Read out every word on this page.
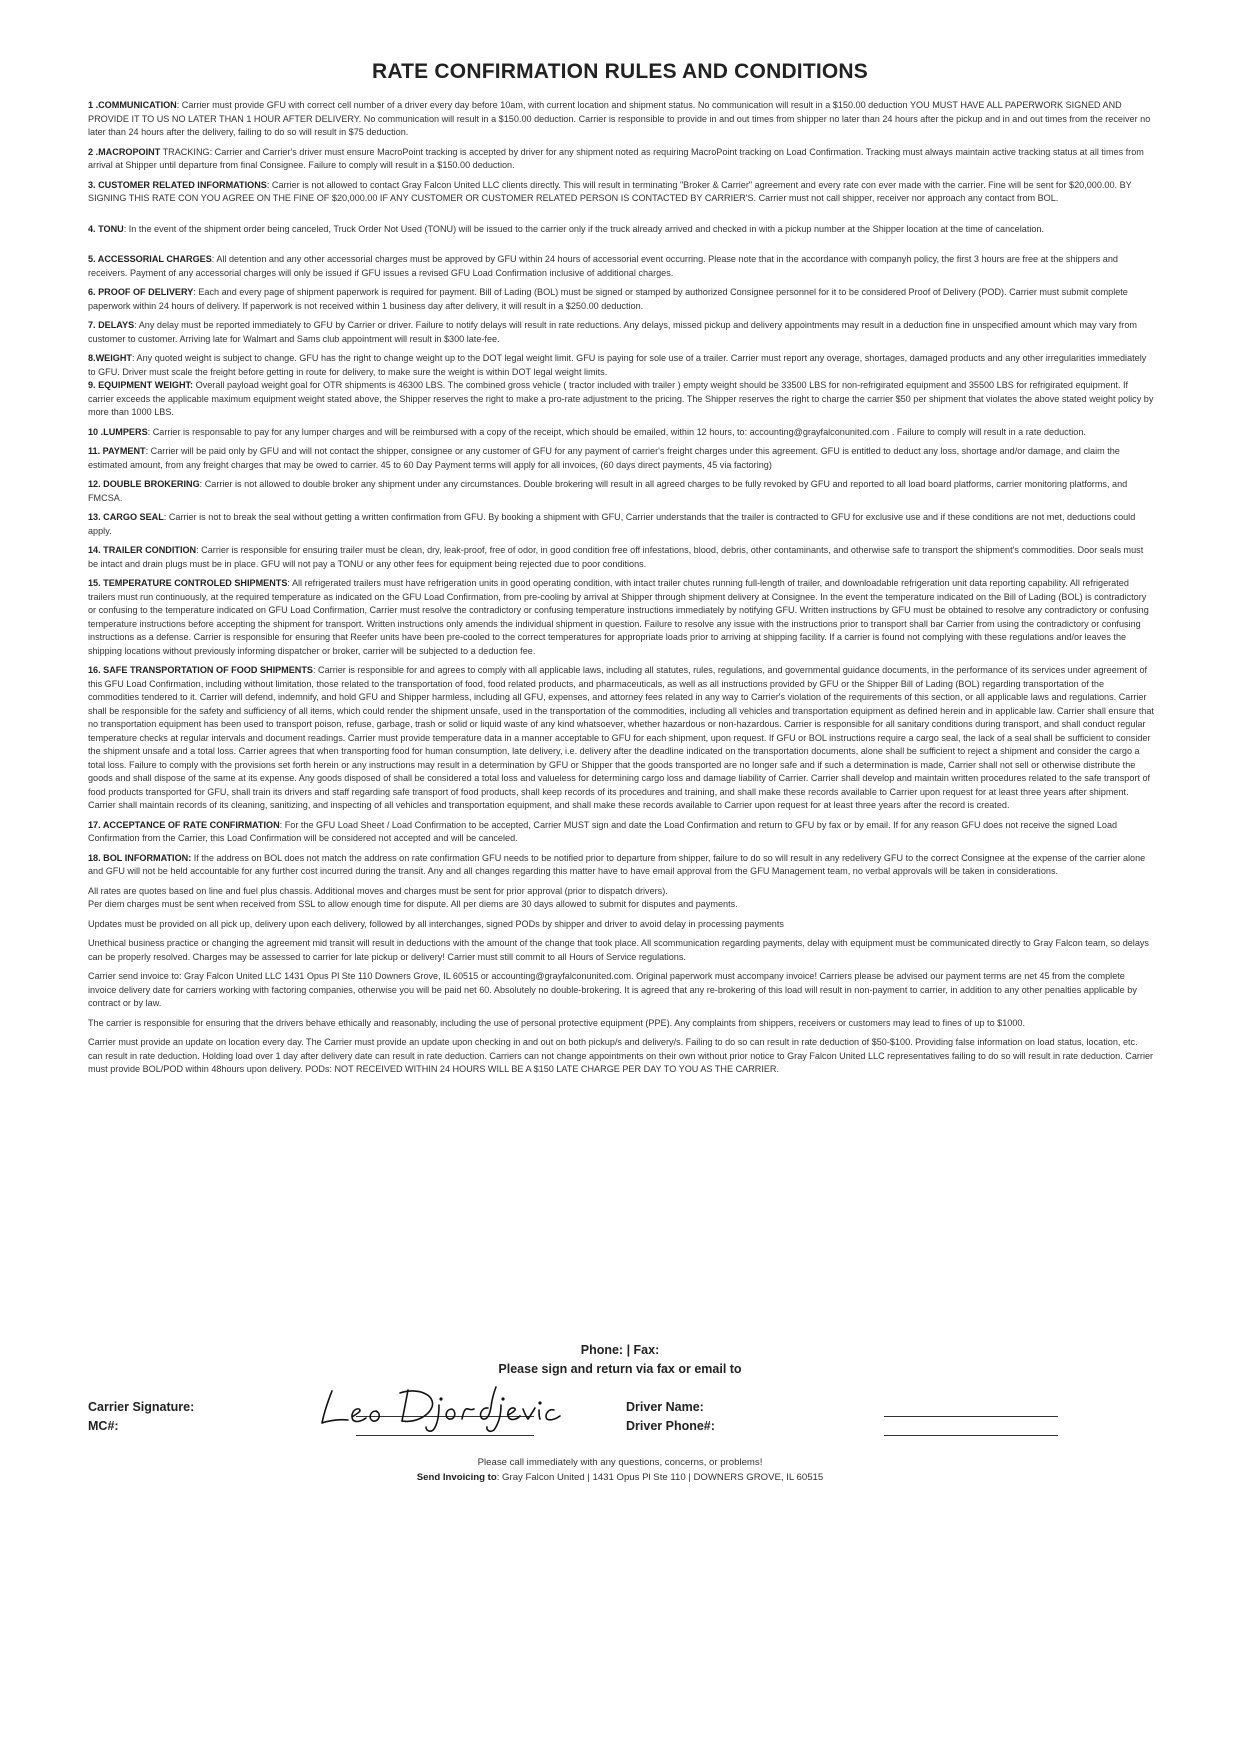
RATE CONFIRMATION RULES AND CONDITIONS

1 .COMMUNICATION: Carrier must provide GFU with correct cell number of a driver every day before 10am, with current location and shipment status. No communication will result in a $150.00 deduction YOU MUST HAVE ALL PAPERWORK SIGNED AND PROVIDE IT TO US NO LATER THAN 1 HOUR AFTER DELIVERY. No communication will result in a $150.00 deduction. Carrier is responsible to provide in and out times from shipper no later than 24 hours after the pickup and in and out times from the receiver no later than 24 hours after the delivery, failing to do so will result in $75 deduction.

2 .MACROPOINT TRACKING: Carrier and Carrier's driver must ensure MacroPoint tracking is accepted by driver for any shipment noted as requiring MacroPoint tracking on Load Confirmation. Tracking must always maintain active tracking status at all times from arrival at Shipper until departure from final Consignee. Failure to comply will result in a $150.00 deduction.

3. CUSTOMER RELATED INFORMATIONS: Carrier is not allowed to contact Gray Falcon United LLC clients directly. This will result in terminating "Broker & Carrier" agreement and every rate con ever made with the carrier. Fine will be sent for $20,000.00. BY SIGNING THIS RATE CON YOU AGREE ON THE FINE OF $20,000.00 IF ANY CUSTOMER OR CUSTOMER RELATED PERSON IS CONTACTED BY CARRIER'S. Carrier must not call shipper, receiver nor approach any contact from BOL.

4. TONU: In the event of the shipment order being canceled, Truck Order Not Used (TONU) will be issued to the carrier only if the truck already arrived and checked in with a pickup number at the Shipper location at the time of cancelation.

5. ACCESSORIAL CHARGES: All detention and any other accessorial charges must be approved by GFU within 24 hours of accessorial event occurring. Please note that in the accordance with companyh policy, the first 3 hours are free at the shippers and receivers. Payment of any accessorial charges will only be issued if GFU issues a revised GFU Load Confirmation inclusive of additional charges.

6. PROOF OF DELIVERY: Each and every page of shipment paperwork is required for payment. Bill of Lading (BOL) must be signed or stamped by authorized Consignee personnel for it to be considered Proof of Delivery (POD). Carrier must submit complete paperwork within 24 hours of delivery. If paperwork is not received within 1 business day after delivery, it will result in a $250.00 deduction.

7. DELAYS: Any delay must be reported immediately to GFU by Carrier or driver. Failure to notify delays will result in rate reductions. Any delays, missed pickup and delivery appointments may result in a deduction fine in unspecified amount which may vary from customer to customer. Arriving late for Walmart and Sams club appointment will result in $300 late-fee.

8.WEIGHT: Any quoted weight is subject to change. GFU has the right to change weight up to the DOT legal weight limit. GFU is paying for sole use of a trailer. Carrier must report any overage, shortages, damaged products and any other irregularities immediately to GFU. Driver must scale the freight before getting in route for delivery, to make sure the weight is within DOT legal weight limits.

9. EQUIPMENT WEIGHT: Overall payload weight goal for OTR shipments is 46300 LBS. The combined gross vehicle ( tractor included with trailer ) empty weight should be 33500 LBS for non-refrigirated equipment and 35500 LBS for refrigirated equipment. If carrier exceeds the applicable maximum equipment weight stated above, the Shipper reserves the right to make a pro-rate adjustment to the pricing. The Shipper reserves the right to charge the carrier $50 per shipment that violates the above stated weight policy by more than 1000 LBS.

10 .LUMPERS: Carrier is responsable to pay for any lumper charges and will be reimbursed with a copy of the receipt, which should be emailed, within 12 hours, to: accounting@grayfalconunited.com . Failure to comply will result in a rate deduction.

11. PAYMENT: Carrier will be paid only by GFU and will not contact the shipper, consignee or any customer of GFU for any payment of carrier's freight charges under this agreement. GFU is entitled to deduct any loss, shortage and/or damage, and claim the estimated amount, from any freight charges that may be owed to carrier. 45 to 60 Day Payment terms will apply for all invoices, (60 days direct payments, 45 via factoring)

12. DOUBLE BROKERING: Carrier is not allowed to double broker any shipment under any circumstances. Double brokering will result in all agreed charges to be fully revoked by GFU and reported to all load board platforms, carrier monitoring platforms, and FMCSA.

13. CARGO SEAL: Carrier is not to break the seal without getting a written confirmation from GFU. By booking a shipment with GFU, Carrier understands that the trailer is contracted to GFU for exclusive use and if these conditions are not met, deductions could apply.

14. TRAILER CONDITION: Carrier is responsible for ensuring trailer must be clean, dry, leak-proof, free of odor, in good condition free off infestations, blood, debris, other contaminants, and otherwise safe to transport the shipment's commodities. Door seals must be intact and drain plugs must be in place. GFU will not pay a TONU or any other fees for equipment being rejected due to poor conditions.

15. TEMPERATURE CONTROLED SHIPMENTS: All refrigerated trailers must have refrigeration units in good operating condition, with intact trailer chutes running full-length of trailer, and downloadable refrigeration unit data reporting capability. All refrigerated trailers must run continuously, at the required temperature as indicated on the GFU Load Confirmation, from pre-cooling by arrival at Shipper through shipment delivery at Consignee. In the event the temperature indicated on the Bill of Lading (BOL) is contradictory or confusing to the temperature indicated on GFU Load Confirmation, Carrier must resolve the contradictory or confusing temperature instructions immediately by notifying GFU. Written instructions by GFU must be obtained to resolve any contradictory or confusing temperature instructions before accepting the shipment for transport. Written instructions only amends the individual shipment in question. Failure to resolve any issue with the instructions prior to transport shall bar Carrier from using the contradictory or confusing instructions as a defense. Carrier is responsible for ensuring that Reefer units have been pre-cooled to the correct temperatures for appropriate loads prior to arriving at shipping facility. If a carrier is found not complying with these regulations and/or leaves the shipping locations without previously informing dispatcher or broker, carrier will be subjected to a deduction fee.

16. SAFE TRANSPORTATION OF FOOD SHIPMENTS: Carrier is responsible for and agrees to comply with all applicable laws, including all statutes, rules, regulations, and governmental guidance documents, in the performance of its services under agreement of this GFU Load Confirmation, including without limitation, those related to the transportation of food, food related products, and pharmaceuticals, as well as all instructions provided by GFU or the Shipper Bill of Lading (BOL) regarding transportation of the commodities tendered to it. Carrier will defend, indemnify, and hold GFU and Shipper harmless, including all GFU, expenses, and attorney fees related in any way to Carrier's violation of the requirements of this section, or all applicable laws and regulations. Carrier shall be responsible for the safety and sufficiency of all items, which could render the shipment unsafe, used in the transportation of the commodities, including all vehicles and transportation equipment as defined herein and in applicable law. Carrier shall ensure that no transportation equipment has been used to transport poison, refuse, garbage, trash or solid or liquid waste of any kind whatsoever, whether hazardous or non-hazardous. Carrier is responsible for all sanitary conditions during transport, and shall conduct regular temperature checks at regular intervals and document readings. Carrier must provide temperature data in a manner acceptable to GFU for each shipment, upon request. If GFU or BOL instructions require a cargo seal, the lack of a seal shall be sufficient to consider the shipment unsafe and a total loss. Carrier agrees that when transporting food for human consumption, late delivery, i.e. delivery after the deadline indicated on the transportation documents, alone shall be sufficient to reject a shipment and consider the cargo a total loss. Failure to comply with the provisions set forth herein or any instructions may result in a determination by GFU or Shipper that the goods transported are no longer safe and if such a determination is made, Carrier shall not sell or otherwise distribute the goods and shall dispose of the same at its expense. Any goods disposed of shall be considered a total loss and valueless for determining cargo loss and damage liability of Carrier. Carrier shall develop and maintain written procedures related to the safe transport of food products transported for GFU, shall train its drivers and staff regarding safe transport of food products, shall keep records of its procedures and training, and shall make these records available to Carrier upon request for at least three years after shipment. Carrier shall maintain records of its cleaning, sanitizing, and inspecting of all vehicles and transportation equipment, and shall make these records available to Carrier upon request for at least three years after the record is created.

17. ACCEPTANCE OF RATE CONFIRMATION: For the GFU Load Sheet / Load Confirmation to be accepted, Carrier MUST sign and date the Load Confirmation and return to GFU by fax or by email. If for any reason GFU does not receive the signed Load Confirmation from the Carrier, this Load Confirmation will be considered not accepted and will be canceled.

18. BOL INFORMATION: If the address on BOL does not match the address on rate confirmation GFU needs to be notified prior to departure from shipper, failure to do so will result in any redelivery GFU to the correct Consignee at the expense of the carrier alone and GFU will not be held accountable for any further cost incurred during the transit. Any and all changes regarding this matter have to have email approval from the GFU Management team, no verbal approvals will be taken in considerations.

All rates are quotes based on line and fuel plus chassis. Additional moves and charges must be sent for prior approval (prior to dispatch drivers).

Per diem charges must be sent when received from SSL to allow enough time for dispute. All per diems are 30 days allowed to submit for disputes and payments.

Updates must be provided on all pick up, delivery upon each delivery, followed by all interchanges, signed PODs by shipper and driver to avoid delay in processing payments

Unethical business practice or changing the agreement mid transit will result in deductions with the amount of the change that took place. All scommunication regarding payments, delay with equipment must be communicated directly to Gray Falcon team, so delays can be properly resolved. Charges may be assessed to carrier for late pickup or delivery! Carrier must still commit to all Hours of Service regulations.

Carrier send invoice to: Gray Falcon United LLC 1431 Opus Pl Ste 110 Downers Grove, IL 60515 or accounting@grayfalconunited.com. Original paperwork must accompany invoice! Carriers please be advised our payment terms are net 45 from the complete invoice delivery date for carriers working with factoring companies, otherwise you will be paid net 60. Absolutely no double-brokering. It is agreed that any re-brokering of this load will result in non-payment to carrier, in addition to any other penalties applicable by contract or by law.

The carrier is responsible for ensuring that the drivers behave ethically and reasonably, including the use of personal protective equipment (PPE). Any complaints from shippers, receivers or customers may lead to fines of up to $1000.

Carrier must provide an update on location every day. The Carrier must provide an update upon checking in and out on both pickup/s and delivery/s. Failing to do so can result in rate deduction of $50-$100. Providing false information on load status, location, etc. can result in rate deduction. Holding load over 1 day after delivery date can result in rate deduction. Carriers can not change appointments on their own without prior notice to Gray Falcon United LLC representatives failing to do so will result in rate deduction. Carrier must provide BOL/POD within 48hours upon delivery. PODs: NOT RECEIVED WITHIN 24 HOURS WILL BE A $150 LATE CHARGE PER DAY TO YOU AS THE CARRIER.

Phone: | Fax:
Please sign and return via fax or email to
Carrier Signature:
MC#:
Driver Name:
Driver Phone#:
Please call immediately with any questions, concerns, or problems!
Send Invoicing to: Gray Falcon United | 1431 Opus Pl Ste 110 | DOWNERS GROVE, IL 60515
